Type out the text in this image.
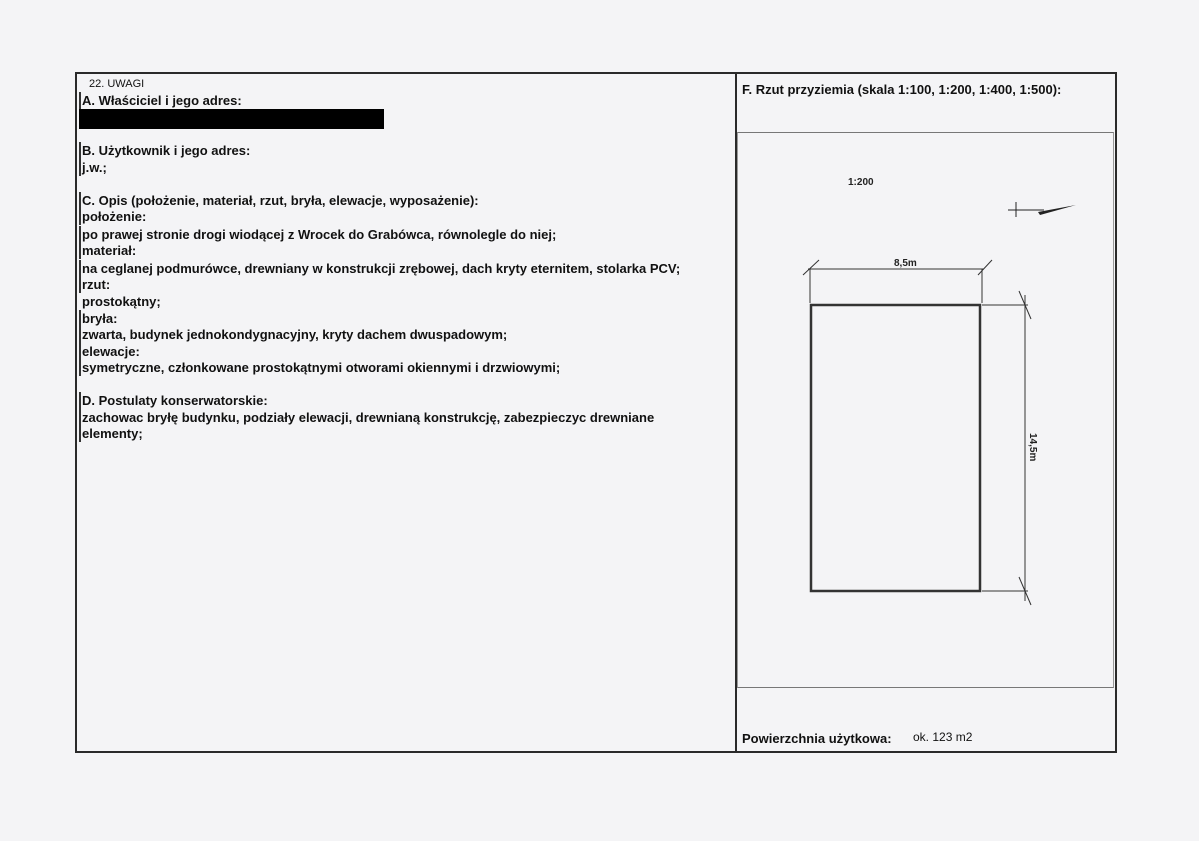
22. UWAGI
A. Właściciel i jego adres:
B. Użytkownik i jego adres:
j.w.;
C. Opis (położenie, materiał, rzut, bryła, elewacje, wyposażenie):
położenie:
po prawej stronie drogi wiodącej z Wrocek do Grabówca, równolegle do niej;
materiał:
na ceglanej podmurówce, drewniany w konstrukcji zrębowej, dach kryty eternitem, stolarka PCV;
rzut:
prostokątny;
bryła:
zwarta, budynek jednokondygnacyjny, kryty dachem dwuspadowym;
elewacje:
symetryczne, członkowane prostokątnymi otworami okiennymi i drzwiowymi;
D. Postulaty konserwatorskie:
zachowac bryłę budynku, podziały elewacji, drewnianą konstrukcję, zabezpieczyc drewniane
elementy;
F. Rzut przyziemia (skala 1:100, 1:200, 1:400, 1:500):
1:200
8,5m
14,5m
Powierzchnia użytkowa: ok. 123 m2
